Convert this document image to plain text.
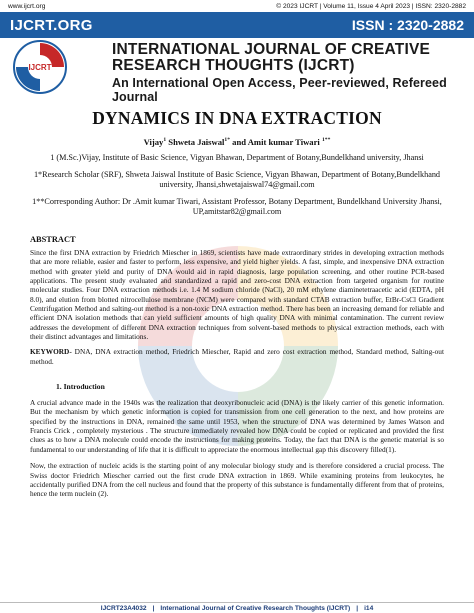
www.ijcrt.org	© 2023 IJCRT | Volume 11, Issue 4 April 2023 | ISSN: 2320-2882
IJCRT.ORG	ISSN : 2320-2882
IJCRT
INTERNATIONAL JOURNAL OF CREATIVE RESEARCH THOUGHTS (IJCRT)
An International Open Access, Peer-reviewed, Refereed Journal
DYNAMICS IN DNA EXTRACTION
Vijay$^1$ Shweta Jaiswal$^{1*}$ and Amit kumar Tiwari $^{1**}$
1 (M.Sc.)Vijay, Institute of Basic Science, Vigyan Bhawan, Department of Botany,Bundelkhand university, Jhansi
1*Research Scholar (SRF), Shweta Jaiswal Institute of Basic Science, Vigyan Bhawan, Department of Botany,Bundelkhand university, Jhansi,shwetajaiswal74@gmail.com
1**Corresponding Author: Dr .Amit kumar Tiwari, Assistant Professor, Botany Department, Bundelkhand University Jhansi, UP,amitstar82@gmail.com
ABSTRACT
Since the first DNA extraction by Friedrich Miescher in 1869, scientists have made extraordinary strides in developing extraction methods that are more reliable, easier and faster to perform, less expensive, and yield higher yields. A fast, simple, and inexpensive DNA extraction method with greater yield and purity of DNA would aid in rapid diagnosis, large population screening, and other routine PCR-based applications. The present study evaluated and standardized a rapid and zero-cost DNA extraction from targeted organism for routine molecular studies. Four DNA extraction methods i.e. 1.4 M sodium chloride (NaCl), 20 mM ethylene diaminetetraacetic acid (EDTA, pH 8.0), and elution from blotted nitrocellulose membrane (NCM) were compared with standard CTAB extraction buffer, EtBr-CsCl Gradient Centrifugation Method and salting-out method is a non-toxic DNA extraction method. There has been an increasing demand for reliable and efficient DNA isolation methods that can yield sufficient amounts of high quality DNA with minimal contamination. The current review addresses the development of different DNA extraction techniques from solvent-based methods to physical extraction methods, each with their distinct advantages and limitations.
KEYWORD- DNA, DNA extraction method, Friedrich Miescher, Rapid and zero cost extraction method, Standard method, Salting-out method.
1. Introduction
A crucial advance made in the 1940s was the realization that deoxyribonucleic acid (DNA) is the likely carrier of this genetic information. But the mechanism by which genetic information is copied for transmission from one cell generation to the next, and how proteins are specified by the instructions in DNA, remained the same until 1953, when the structure of DNA was determined by James Watson and Francis Crick , completely mysterious . The structure immediately revealed how DNA could be copied or replicated and provided the first clues as to how a DNA molecule could encode the instructions for making proteins. Today, the fact that DNA is the genetic material is so fundamental to our understanding of life that it is difficult to appreciate the enormous intellectual gap this discovery filled(1).
Now, the extraction of nucleic acids is the starting point of any molecular biology study and is therefore considered a crucial process. The Swiss doctor Friedrich Miescher carried out the first crude DNA extraction in 1869. While examining proteins from leukocytes, he accidentally purified DNA from the cell nucleus and found that the property of this substance is fundamentally different from that of proteins, hence the term nuclein (2).
IJCRT23A4032 | International Journal of Creative Research Thoughts (IJCRT) | i14
